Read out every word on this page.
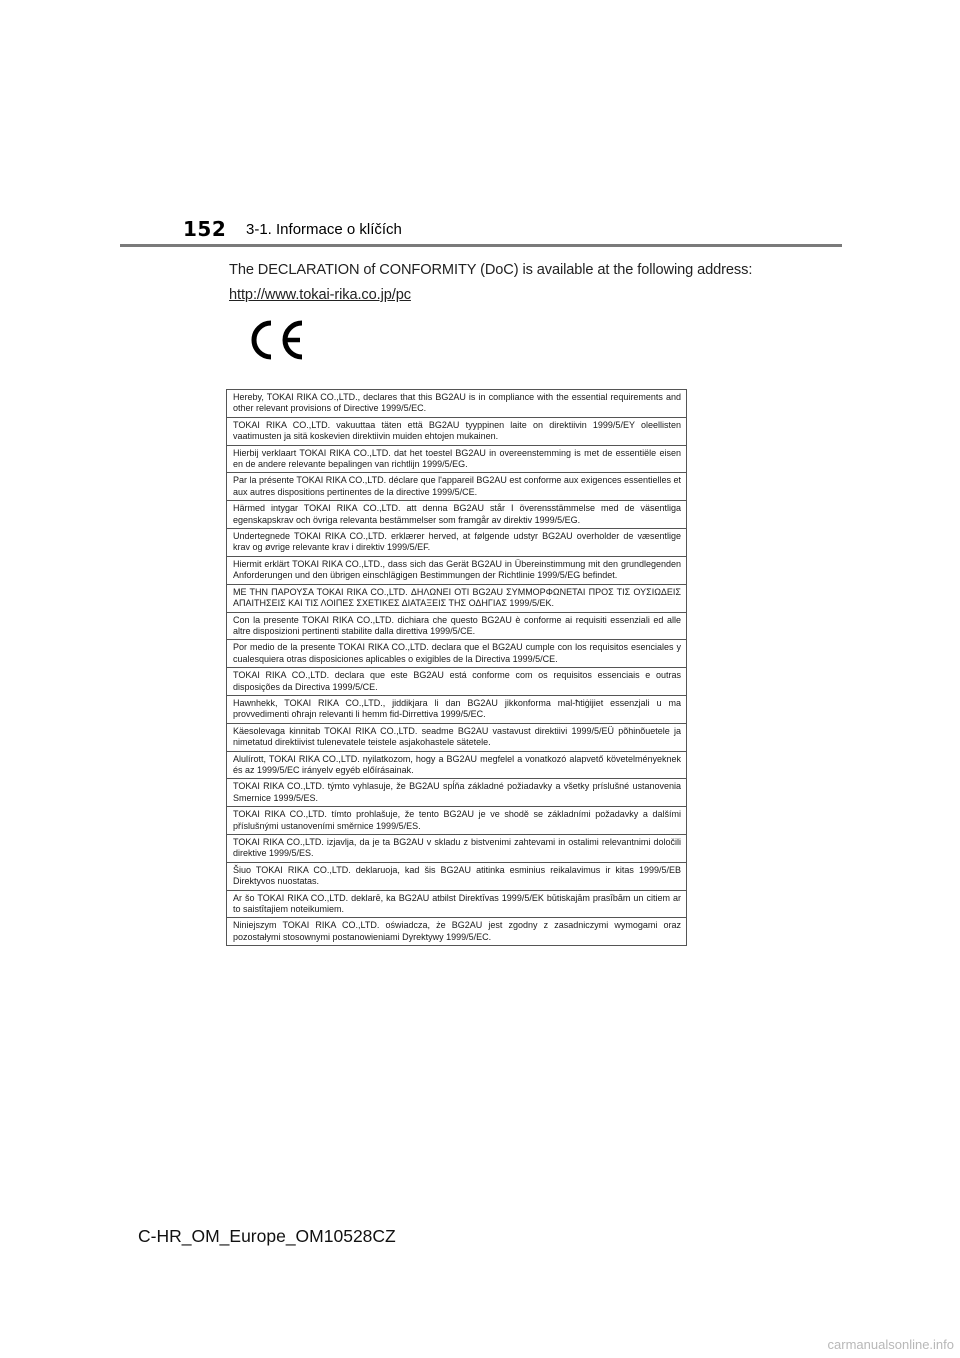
152 3-1. Informace o klíčích
The DECLARATION of CONFORMITY (DoC) is available at the following address:
http://www.tokai-rika.co.jp/pc
Hereby, TOKAI RIKA CO.,LTD., declares that this BG2AU is in compliance with the essential requirements and other relevant provisions of Directive 1999/5/EC.
TOKAI RIKA CO.,LTD. vakuuttaa täten että BG2AU tyyppinen laite on direktiivin 1999/5/EY oleellisten vaatimusten ja sitä koskevien direktiivin muiden ehtojen mukainen.
Hierbij verklaart TOKAI RIKA CO.,LTD. dat het toestel BG2AU in overeenstemming is met de essentiële eisen en de andere relevante bepalingen van richtlijn 1999/5/EG.
Par la présente TOKAI RIKA CO.,LTD. déclare que l'appareil BG2AU est conforme aux exigences essentielles et aux autres dispositions pertinentes de la directive 1999/5/CE.
Härmed intygar TOKAI RIKA CO.,LTD. att denna BG2AU står I överensstämmelse med de väsentliga egenskapskrav och övriga relevanta bestämmelser som framgår av direktiv 1999/5/EG.
Undertegnede TOKAI RIKA CO.,LTD. erklærer herved, at følgende udstyr BG2AU overholder de væsentlige krav og øvrige relevante krav i direktiv 1999/5/EF.
Hiermit erklärt TOKAI RIKA CO.,LTD., dass sich das Gerät BG2AU in Übereinstimmung mit den grundlegenden Anforderungen und den übrigen einschlägigen Bestimmungen der Richtlinie 1999/5/EG befindet.
ΜΕ ΤΗΝ ΠΑΡΟΥΣΑ TOKAI RIKA CO.,LTD. ΔΗΛΩΝΕΙ ΟΤΙ BG2AU ΣΥΜΜΟΡΦΩΝΕΤΑΙ ΠΡΟΣ ΤΙΣ ΟΥΣΙΩΔΕΙΣ ΑΠΑΙΤΗΣΕΙΣ ΚΑΙ ΤΙΣ ΛΟΙΠΕΣ ΣΧΕΤΙΚΕΣ ΔΙΑΤΑΞΕΙΣ ΤΗΣ ΟΔΗΓΙΑΣ 1999/5/ΕΚ.
Con la presente TOKAI RIKA CO.,LTD. dichiara che questo BG2AU è conforme ai requisiti essenziali ed alle altre disposizioni pertinenti stabilite dalla direttiva 1999/5/CE.
Por medio de la presente TOKAI RIKA CO.,LTD. declara que el BG2AU cumple con los requisitos esenciales y cualesquiera otras disposiciones aplicables o exigibles de la Directiva 1999/5/CE.
TOKAI RIKA CO.,LTD. declara que este BG2AU está conforme com os requisitos essenciais e outras disposições da Directiva 1999/5/CE.
Hawnhekk, TOKAI RIKA CO.,LTD., jiddikjara li dan BG2AU jikkonforma mal-ħtiġijiet essenzjali u ma provvedimenti oħrajn relevanti li hemm fid-Dirrettiva 1999/5/EC.
Käesolevaga kinnitab TOKAI RIKA CO.,LTD. seadme BG2AU vastavust direktiivi 1999/5/EÜ põhinõuetele ja nimetatud direktiivist tulenevatele teistele asjakohastele sätetele.
Alulírott, TOKAI RIKA CO.,LTD. nyilatkozom, hogy a BG2AU megfelel a vonatkozó alapvető követelményeknek és az 1999/5/EC irányelv egyéb előírásainak.
TOKAI RIKA CO.,LTD. týmto vyhlasuje, že BG2AU spĺňa základné požiadavky a všetky príslušné ustanovenia Smernice 1999/5/ES.
TOKAI RIKA CO.,LTD. tímto prohlašuje, že tento BG2AU je ve shodě se základními požadavky a dalšími příslušnými ustanoveními směrnice 1999/5/ES.
TOKAI RIKA CO.,LTD. izjavlja, da je ta BG2AU v skladu z bistvenimi zahtevami in ostalimi relevantnimi določili direktive 1999/5/ES.
Šiuo TOKAI RIKA CO.,LTD. deklaruoja, kad šis BG2AU atitinka esminius reikalavimus ir kitas 1999/5/EB Direktyvos nuostatas.
Ar šo TOKAI RIKA CO.,LTD. deklarē, ka BG2AU atbilst Direktīvas 1999/5/EK būtiskajām prasībām un citiem ar to saistītajiem noteikumiem.
Niniejszym TOKAI RIKA CO.,LTD. oświadcza, że BG2AU jest zgodny z zasadniczymi wymogami oraz pozostałymi stosownymi postanowieniami Dyrektywy 1999/5/EC.
C-HR_OM_Europe_OM10528CZ
carmanualsonline.info
